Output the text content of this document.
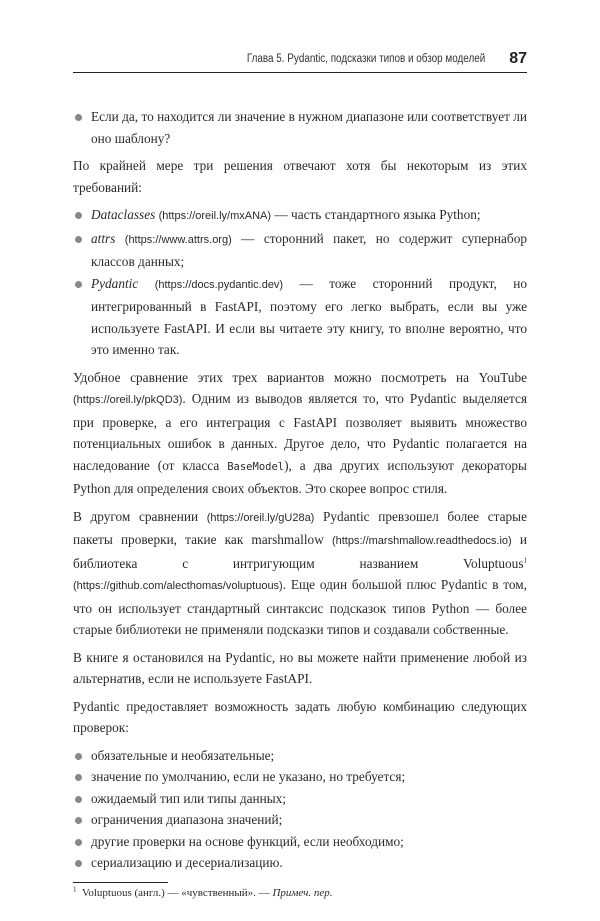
Глава 5. Pydantic, подсказки типов и обзор моделей 87
Если да, то находится ли значение в нужном диапазоне или соответствует ли оно шаблону?
По крайней мере три решения отвечают хотя бы некоторым из этих требований:
Dataclasses (https://oreil.ly/mxANA) — часть стандартного языка Python;
attrs (https://www.attrs.org) — сторонний пакет, но содержит супернабор классов данных;
Pydantic (https://docs.pydantic.dev) — тоже сторонний продукт, но интегрированный в FastAPI, поэтому его легко выбрать, если вы уже используете FastAPI. И если вы читаете эту книгу, то вполне вероятно, что это именно так.
Удобное сравнение этих трех вариантов можно посмотреть на YouTube (https://oreil.ly/pkQD3). Одним из выводов является то, что Pydantic выделяется при проверке, а его интеграция с FastAPI позволяет выявить множество потенциальных ошибок в данных. Другое дело, что Pydantic полагается на наследование (от класса BaseModel), а два других используют декораторы Python для определения своих объектов. Это скорее вопрос стиля.
В другом сравнении (https://oreil.ly/gU28a) Pydantic превзошел более старые пакеты проверки, такие как marshmallow (https://marshmallow.readthedocs.io) и библиотека с интригующим названием Voluptuous$^1$ (https://github.com/alecthomas/voluptuous). Еще один большой плюс Pydantic в том, что он использует стандартный синтаксис подсказок типов Python — более старые библиотеки не применяли подсказки типов и создавали собственные.
В книге я остановился на Pydantic, но вы можете найти применение любой из альтернатив, если не используете FastAPI.
Pydantic предоставляет возможность задать любую комбинацию следующих проверок:
обязательные и необязательные;
значение по умолчанию, если не указано, но требуется;
ожидаемый тип или типы данных;
ограничения диапазона значений;
другие проверки на основе функций, если необходимо;
сериализацию и десериализацию.
$^1$ Voluptuous (англ.) — «чувственный». — Примеч. пер.
